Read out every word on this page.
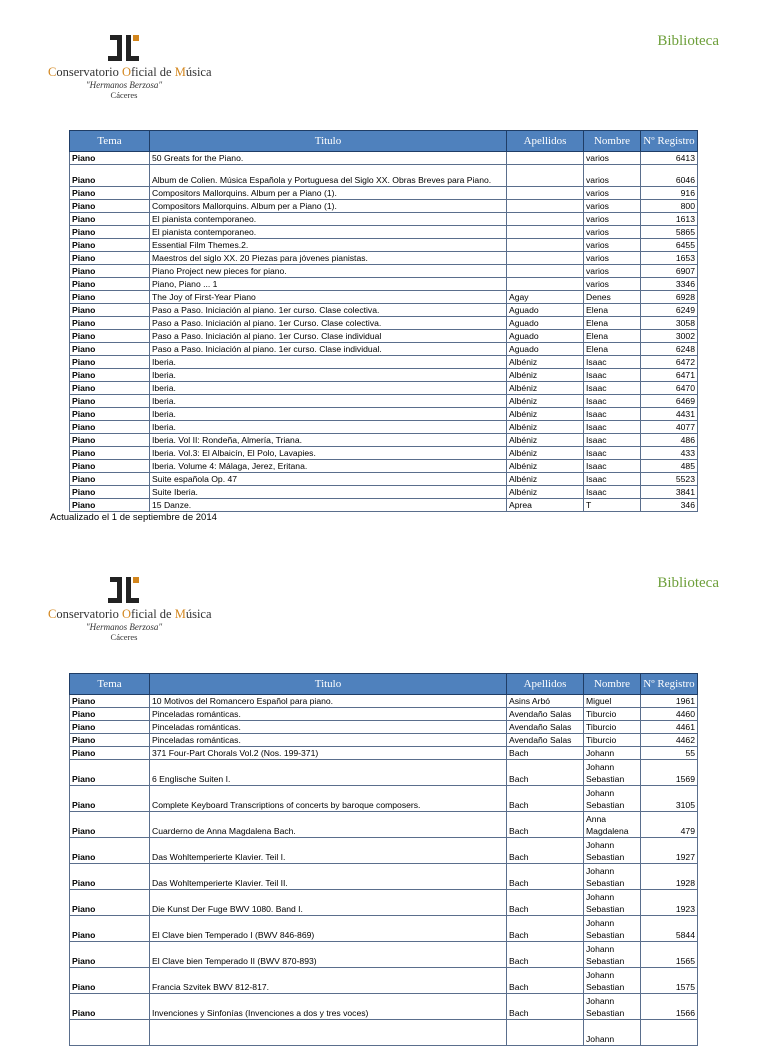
Conservatorio Oficial de Música
"Hermanos Berzosa"
Cáceres
Biblioteca
Tema	Titulo	Apellidos	Nombre	Nº Registro
Piano	50 Greats for the Piano.		varios	6413
Piano	Album de Colien. Música Española y Portuguesa del Siglo XX. Obras Breves para Piano.		varios	6046
Piano	Compositors Mallorquins. Album per a Piano (1).		varios	916
Piano	Compositors Mallorquins. Album per a Piano (1).		varios	800
Piano	El pianista contemporaneo.		varios	1613
Piano	El pianista contemporaneo.		varios	5865
Piano	Essential Film Themes.2.		varios	6455
Piano	Maestros del siglo XX. 20 Piezas para jóvenes pianistas.		varios	1653
Piano	Piano Project new pieces for piano.		varios	6907
Piano	Piano, Piano ... 1		varios	3346
Piano	The Joy of First-Year Piano	Agay	Denes	6928
Piano	Paso a Paso. Iniciación al piano. 1er curso. Clase colectiva.	Aguado	Elena	6249
Piano	Paso a Paso. Iniciación al piano. 1er Curso. Clase colectiva.	Aguado	Elena	3058
Piano	Paso a Paso. Iniciación al piano. 1er Curso. Clase individual	Aguado	Elena	3002
Piano	Paso a Paso. Iniciación al piano. 1er curso. Clase individual.	Aguado	Elena	6248
Piano	Iberia.	Albéniz	Isaac	6472
Piano	Iberia.	Albéniz	Isaac	6471
Piano	Iberia.	Albéniz	Isaac	6470
Piano	Iberia.	Albéniz	Isaac	6469
Piano	Iberia.	Albéniz	Isaac	4431
Piano	Iberia.	Albéniz	Isaac	4077
Piano	Iberia. Vol II: Rondeña, Almería, Triana.	Albéniz	Isaac	486
Piano	Iberia. Vol.3: El Albaicín, El Polo, Lavapies.	Albéniz	Isaac	433
Piano	Iberia. Volume 4: Málaga, Jerez, Eritana.	Albéniz	Isaac	485
Piano	Suite española Op. 47	Albéniz	Isaac	5523
Piano	Suite Iberia.	Albéniz	Isaac	3841
Piano	15 Danze.	Aprea	T	346
Actualizado el 1 de septiembre de 2014
Conservatorio Oficial de Música
"Hermanos Berzosa"
Cáceres
Biblioteca
Tema	Titulo	Apellidos	Nombre	Nº Registro
Piano	10 Motivos del Romancero Español para piano.	Asins Arbó	Miguel	1961
Piano	Pinceladas románticas.	Avendaño Salas	Tiburcio	4460
Piano	Pinceladas románticas.	Avendaño Salas	Tiburcio	4461
Piano	Pinceladas románticas.	Avendaño Salas	Tiburcio	4462
Piano	371 Four-Part Chorals Vol.2 (Nos. 199-371)	Bach	Johann	55
Piano	6 Englische Suiten I.	Bach	Johann Sebastian	1569
Piano	Complete Keyboard Transcriptions of concerts by baroque composers.	Bach	Johann Sebastian	3105
Piano	Cuarderno de Anna Magdalena Bach.	Bach	Anna Magdalena	479
Piano	Das Wohltemperierte Klavier. Teil I.	Bach	Johann Sebastian	1927
Piano	Das Wohltemperierte Klavier. Teil II.	Bach	Johann Sebastian	1928
Piano	Die Kunst Der Fuge BWV 1080. Band I.	Bach	Johann Sebastian	1923
Piano	El Clave bien Temperado I (BWV 846-869)	Bach	Johann Sebastian	5844
Piano	El Clave bien Temperado II (BWV 870-893)	Bach	Johann Sebastian	1565
Piano	Francia Szvitek BWV 812-817.	Bach	Johann Sebastian	1575
Piano	Invenciones y Sinfonías (Invenciones a dos y tres voces)	Bach	Johann Sebastian	1566
			Johann	
